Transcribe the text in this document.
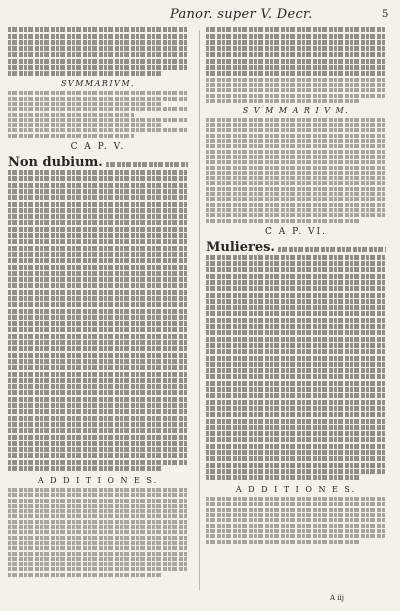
Panor. super V. Decr.	5
SVMMARIVM.
C A P. V.
Non dubium.
A D D I T I O N E S.
S V M M A R I V M.
C A P. VI.
Mulieres.
A D D I T I O N E S.
A iij
